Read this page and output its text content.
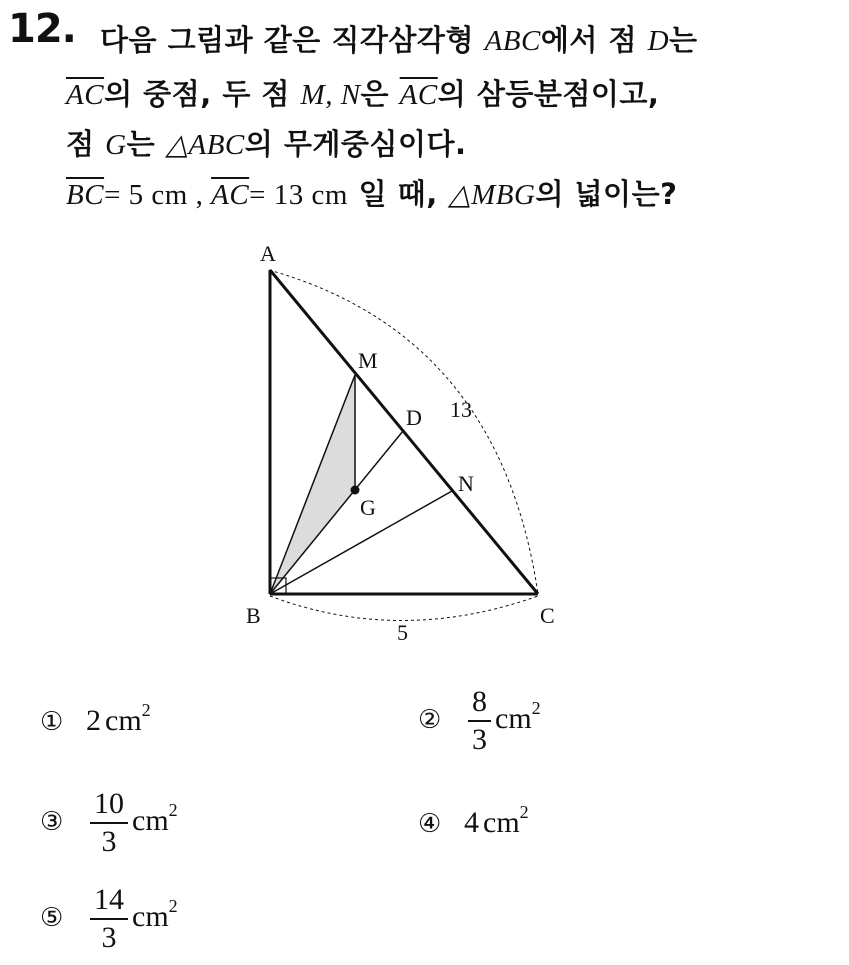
12. 다음 그림과 같은 직각삼각형 ABC에서 점 D는
$\overline{AC}$의 중점, 두 점 M, N은 $\overline{AC}$의 삼등분점이고,
점 G는 △ABC의 무게중심이다.
$\overline{BC}= 5$ cm , $\overline{AC}= 13$ cm 일 때, △MBG의 넓이는?
A
B	C
D
M
N
G
13
5
① 2 $cm^2$	② $\frac{8}{3} cm^2$
③ $\frac{10}{3} cm^2$	④ 4 $cm^2$
⑤ $\frac{14}{3} cm^2$
